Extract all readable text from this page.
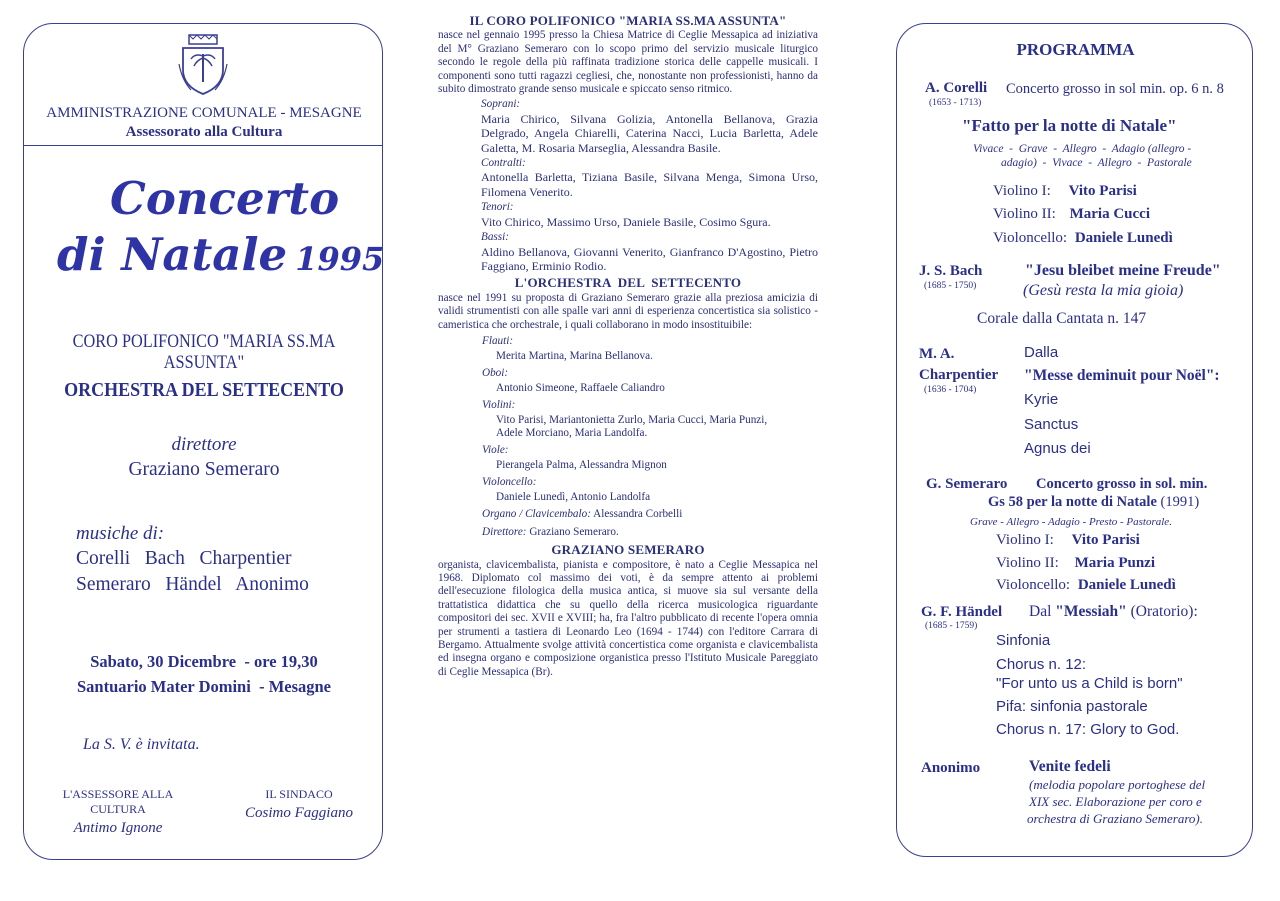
AMMINISTRAZIONE COMUNALE - MESAGNE
Assessorato alla Cultura
Concerto
di Natale 1995
CORO POLIFONICO "MARIA SS.MA ASSUNTA"
ORCHESTRA DEL SETTECENTO
direttore
Graziano Semeraro
musiche di:
Corelli   Bach   Charpentier
Semeraro   Händel   Anonimo
Sabato, 30 Dicembre  - ore 19,30
Santuario Mater Domini  - Mesagne
La S. V. è invitata.
L'ASSESSORE ALLA CULTURA
Antimo Ignone
IL SINDACO
Cosimo Faggiano
IL CORO POLIFONICO "MARIA SS.MA ASSUNTA"

nasce nel gennaio 1995 presso la Chiesa Matrice di Ceglie Messapica ad iniziativa del M° Graziano Semeraro con lo scopo primo del servizio musicale liturgico secondo le regole della più raffinata tradizione storica delle cappelle musicali. I componenti sono tutti ragazzi cegliesi, che, nonostante non professionisti, hanno da subito dimostrato grande senso musicale e spiccato senso ritmico.

Soprani:
Maria Chirico, Silvana Golizia, Antonella Bellanova, Grazia Delgrado, Angela Chiarelli, Caterina Nacci, Lucia Barletta, Adele Galetta, M. Rosaria Marseglia, Alessandra Basile.
Contralti:
Antonella Barletta, Tiziana Basile, Silvana Menga, Simona Urso, Filomena Venerito.
Tenori:
Vito Chirico, Massimo Urso, Daniele Basile, Cosimo Sgura.
Bassi:
Aldino Bellanova, Giovanni Venerito, Gianfranco D'Agostino, Pietro Faggiano, Erminio Rodio.
L'ORCHESTRA  DEL  SETTECENTO

nasce nel 1991 su proposta di Graziano Semeraro grazie alla preziosa amicizia di validi strumentisti con alle spalle vari anni di esperienza concertistica sia solistico - cameristica che orchestrale, i quali collaborano in modo insostituibile:

Flauti:
Merita Martina, Marina Bellanova.
Oboi:
Antonio Simeone, Raffaele Caliandro
Violini:
Vito Parisi, Mariantonietta Zurlo, Maria Cucci, Maria Punzi, Adele Morciano, Maria Landolfa.
Viole:
Pierangela Palma, Alessandra Mignon
Violoncello:
Daniele Lunedì, Antonio Landolfa
Organo / Clavicembalo: Alessandra Corbelli
Direttore: Graziano Semeraro.
GRAZIANO SEMERARO

organista, clavicembalista, pianista e compositore, è nato a Ceglie Messapica nel 1968. Diplomato col massimo dei voti, è da sempre attento ai problemi dell'esecuzione filologica della musica antica, si muove sia sul versante della trattatistica didattica che su quello della ricerca musicologica riguardante compositori dei sec. XVII e XVIII; ha, fra l'altro pubblicato di recente l'opera omnia per strumenti a tastiera di Leonardo Leo (1694 - 1744) con l'editore Carrara di Bergamo. Attualmente svolge attività concertistica come organista e clavicembalista ed insegna organo e composizione organistica presso l'Istituto Musicale Pareggiato di Ceglie Messapica (Br).

PROGRAMMA
A. Corelli
(1653 - 1713)
Concerto grosso in sol min. op. 6 n. 8
"Fatto per la notte di Natale"
Vivace  -  Grave  -  Allegro  -  Adagio (allegro -
adagio)  -  Vivace  -  Allegro  -  Pastorale
Violino I: Vito Parisi
Violino II: Maria Cucci
Violoncello: Daniele Lunedì
J. S. Bach
(1685 - 1750)
"Jesu bleibet meine Freude"
(Gesù resta la mia gioia)
Corale dalla Cantata n. 147
M. A.
Charpentier
(1636 - 1704)
Dalla
"Messe deminuit pour Noël":
Kyrie
Sanctus
Agnus dei
G. Semeraro Concerto grosso in sol. min.
Gs 58 per la notte di Natale (1991)
Grave - Allegro - Adagio - Presto - Pastorale.
Violino I: Vito Parisi
Violino II: Maria Punzi
Violoncello: Daniele Lunedì
G. F. Händel
(1685 - 1759)
Dal "Messiah" (Oratorio):
Sinfonia
Chorus n. 12:
"For unto us a Child is born"
Pifa: sinfonia pastorale
Chorus n. 17: Glory to God.
Anonimo	Venite fedeli
(melodia popolare portoghese del
XIX sec. Elaborazione per coro e
orchestra di Graziano Semeraro).
